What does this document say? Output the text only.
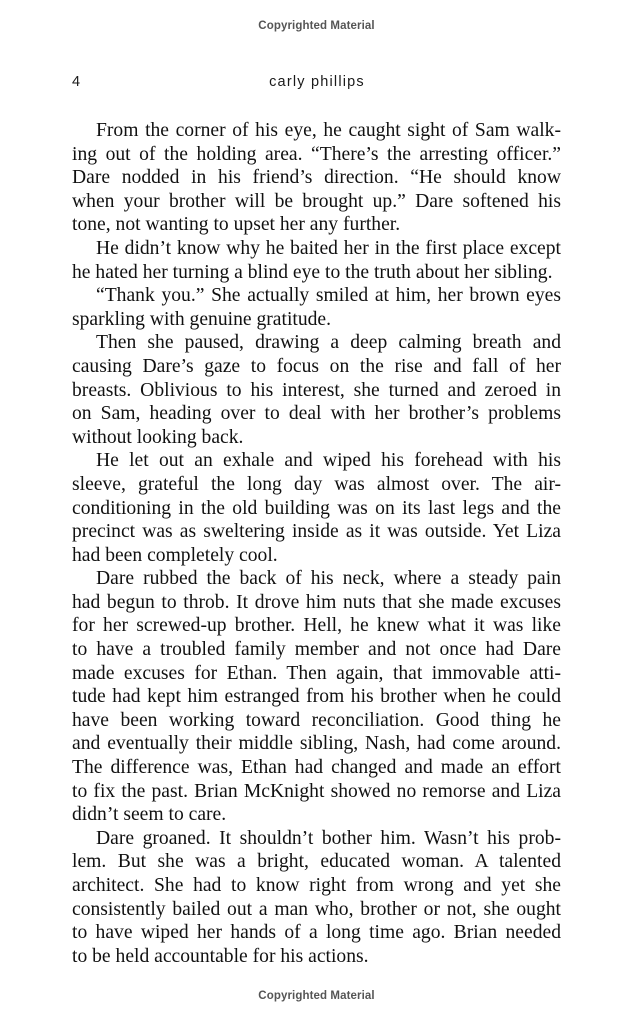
Copyrighted Material
4	carly phillips
From the corner of his eye, he caught sight of Sam walk-
ing out of the holding area. “There’s the arresting officer.”
Dare nodded in his friend’s direction. “He should know
when your brother will be brought up.” Dare softened his
tone, not wanting to upset her any further.
He didn’t know why he baited her in the first place except
he hated her turning a blind eye to the truth about her sibling.
“Thank you.” She actually smiled at him, her brown eyes
sparkling with genuine gratitude.
Then she paused, drawing a deep calming breath and
causing Dare’s gaze to focus on the rise and fall of her
breasts. Oblivious to his interest, she turned and zeroed in
on Sam, heading over to deal with her brother’s problems
without looking back.
He let out an exhale and wiped his forehead with his
sleeve, grateful the long day was almost over. The air-
conditioning in the old building was on its last legs and the
precinct was as sweltering inside as it was outside. Yet Liza
had been completely cool.
Dare rubbed the back of his neck, where a steady pain
had begun to throb. It drove him nuts that she made excuses
for her screwed-up brother. Hell, he knew what it was like
to have a troubled family member and not once had Dare
made excuses for Ethan. Then again, that immovable atti-
tude had kept him estranged from his brother when he could
have been working toward reconciliation. Good thing he
and eventually their middle sibling, Nash, had come around.
The difference was, Ethan had changed and made an effort
to fix the past. Brian McKnight showed no remorse and Liza
didn’t seem to care.
Dare groaned. It shouldn’t bother him. Wasn’t his prob-
lem. But she was a bright, educated woman. A talented
architect. She had to know right from wrong and yet she
consistently bailed out a man who, brother or not, she ought
to have wiped her hands of a long time ago. Brian needed
to be held accountable for his actions.
Copyrighted Material
